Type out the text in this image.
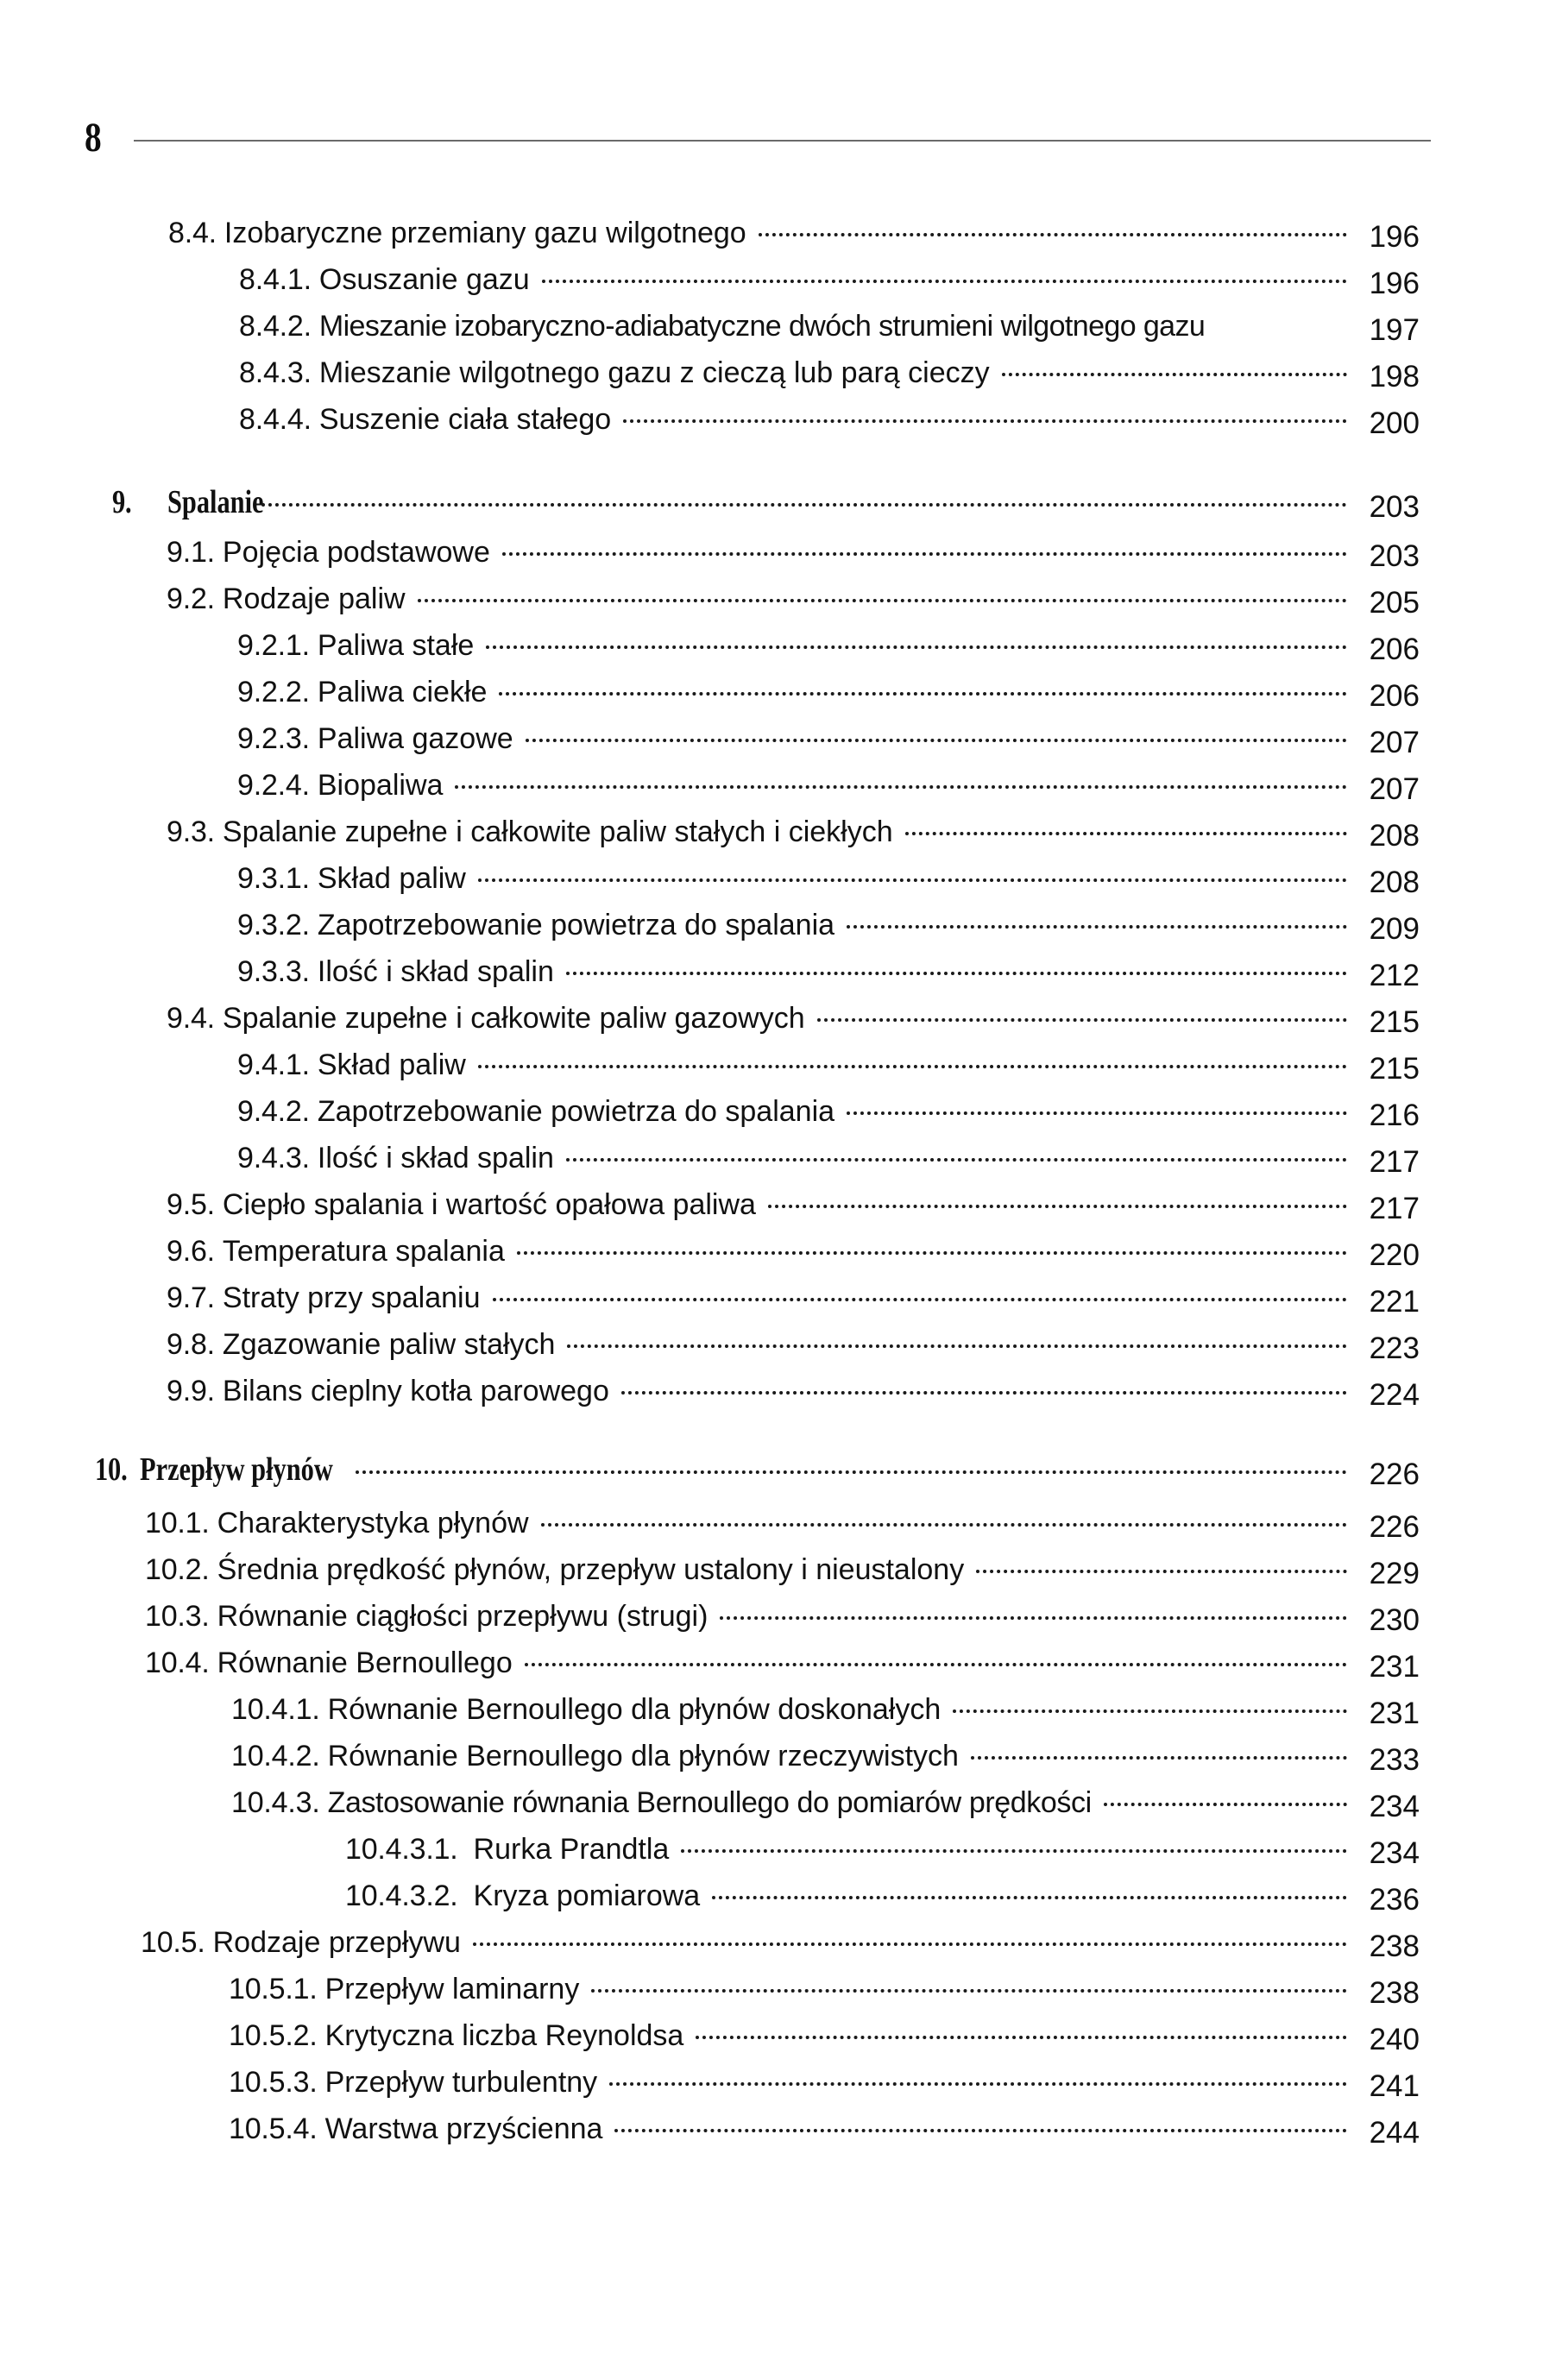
8
8.4. Izobaryczne przemiany gazu wilgotnego	196
8.4.1. Osuszanie gazu	196
8.4.2. Mieszanie izobaryczno-adiabatyczne dwóch strumieni wilgotnego gazu	197
8.4.3. Mieszanie wilgotnego gazu z cieczą lub parą cieczy	198
8.4.4. Suszenie ciała stałego	200
9.	Spalanie	203
9.1. Pojęcia podstawowe	203
9.2. Rodzaje paliw	205
9.2.1. Paliwa stałe	206
9.2.2. Paliwa ciekłe	206
9.2.3. Paliwa gazowe	207
9.2.4. Biopaliwa	207
9.3. Spalanie zupełne i całkowite paliw stałych i ciekłych	208
9.3.1. Skład paliw	208
9.3.2. Zapotrzebowanie powietrza do spalania	209
9.3.3. Ilość i skład spalin	212
9.4. Spalanie zupełne i całkowite paliw gazowych	215
9.4.1. Skład paliw	215
9.4.2. Zapotrzebowanie powietrza do spalania	216
9.4.3. Ilość i skład spalin	217
9.5. Ciepło spalania i wartość opałowa paliwa	217
9.6. Temperatura spalania	220
9.7. Straty przy spalaniu	221
9.8. Zgazowanie paliw stałych	223
9.9. Bilans cieplny kotła parowego	224
10. Przepływ płynów	226
10.1. Charakterystyka płynów	226
10.2. Średnia prędkość płynów, przepływ ustalony i nieustalony	229
10.3. Równanie ciągłości przepływu (strugi)	230
10.4. Równanie Bernoullego	231
10.4.1. Równanie Bernoullego dla płynów doskonałych	231
10.4.2. Równanie Bernoullego dla płynów rzeczywistych	233
10.4.3. Zastosowanie równania Bernoullego do pomiarów prędkości	234
10.4.3.1. Rurka Prandtla	234
10.4.3.2. Kryza pomiarowa	236
10.5. Rodzaje przepływu	238
10.5.1. Przepływ laminarny	238
10.5.2. Krytyczna liczba Reynoldsa	240
10.5.3. Przepływ turbulentny	241
10.5.4. Warstwa przyścienna	244
